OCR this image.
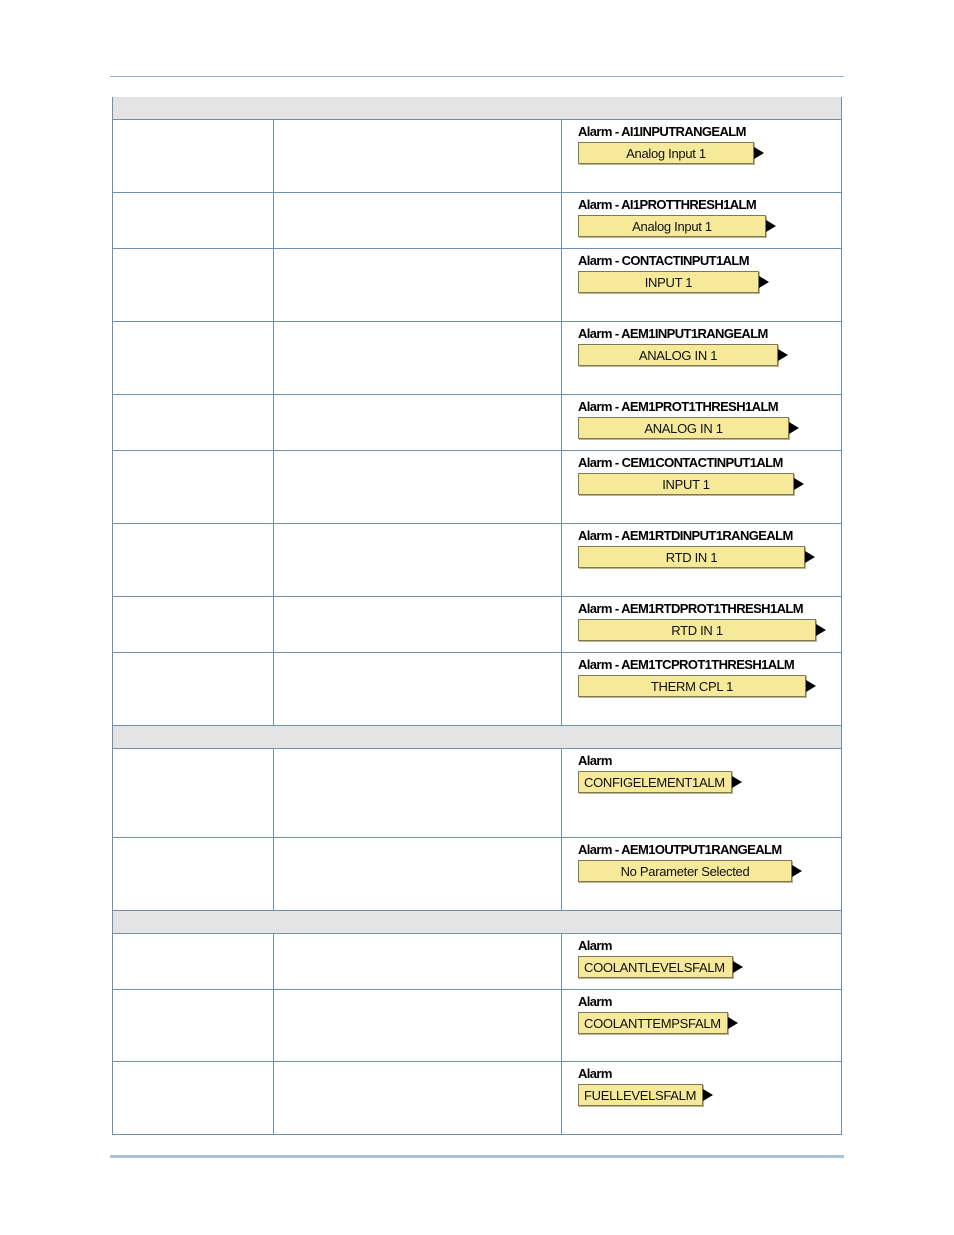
Alarm - AI1INPUTRANGEALM
Analog Input 1
Alarm - AI1PROTTHRESH1ALM
Analog Input 1
Alarm - CONTACTINPUT1ALM
INPUT 1
Alarm - AEM1INPUT1RANGEALM
ANALOG IN 1
Alarm - AEM1PROT1THRESH1ALM
ANALOG IN 1
Alarm - CEM1CONTACTINPUT1ALM
INPUT 1
Alarm - AEM1RTDINPUT1RANGEALM
RTD IN 1
Alarm - AEM1RTDPROT1THRESH1ALM
RTD IN 1
Alarm - AEM1TCPROT1THRESH1ALM
THERM CPL 1
Alarm
CONFIGELEMENT1ALM
Alarm - AEM1OUTPUT1RANGEALM
No Parameter Selected
Alarm
COOLANTLEVELSFALM
Alarm
COOLANTTEMPSFALM
Alarm
FUELLEVELSFALM
